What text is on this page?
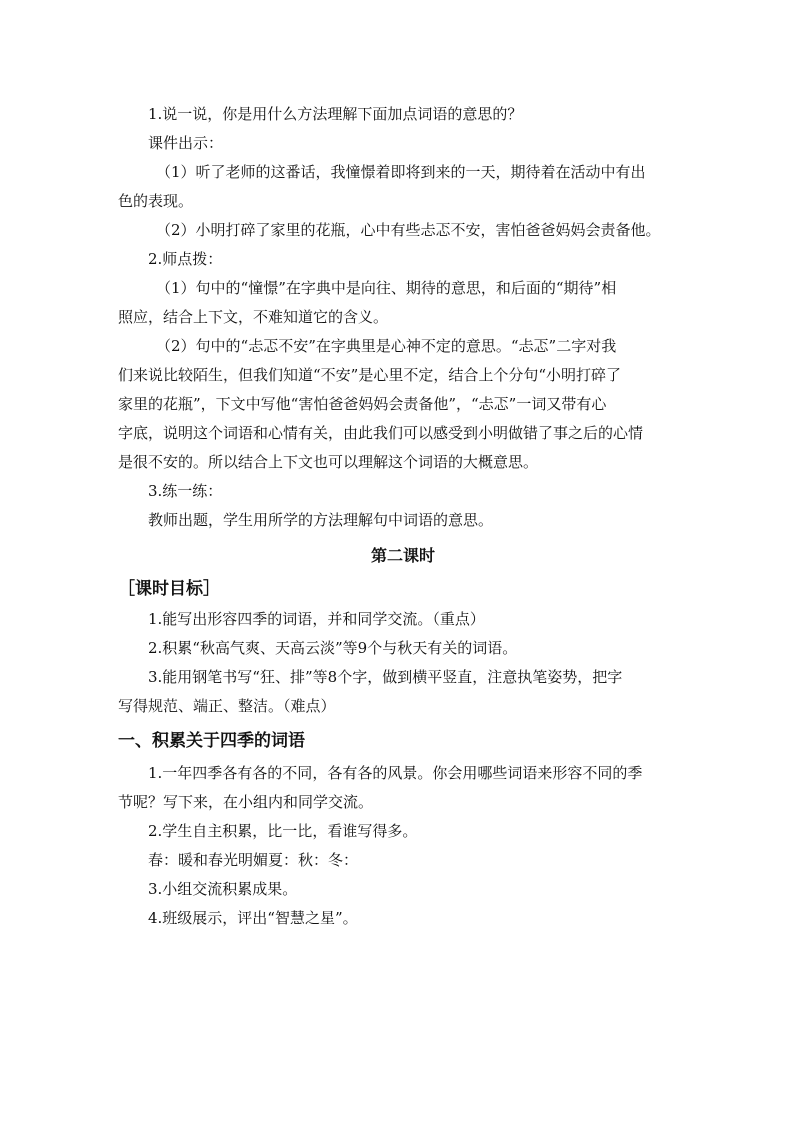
1.说一说，你是用什么方法理解下面加点词语的意思的？
课件出示：
（1）听了老师的这番话，我憧憬着即将到来的一天，期待着在活动中有出
色的表现。
（2）小明打碎了家里的花瓶，心中有些忐忑不安，害怕爸爸妈妈会责备他。
2.师点拨：
（1）句中的“憧憬”在字典中是向往、期待的意思，和后面的“期待”相
照应，结合上下文，不难知道它的含义。
（2）句中的“忐忑不安”在字典里是心神不定的意思。“忐忑”二字对我
们来说比较陌生，但我们知道“不安”是心里不定，结合上个分句“小明打碎了
家里的花瓶”，下文中写他“害怕爸爸妈妈会责备他”，“忐忑”一词又带有心
字底，说明这个词语和心情有关，由此我们可以感受到小明做错了事之后的心情
是很不安的。所以结合上下文也可以理解这个词语的大概意思。
3.练一练：
教师出题，学生用所学的方法理解句中词语的意思。
第二课时
［课时目标］
1.能写出形容四季的词语，并和同学交流。（重点）
2.积累“秋高气爽、天高云淡”等9个与秋天有关的词语。
3.能用钢笔书写“狂、排”等8个字，做到横平竖直，注意执笔姿势，把字
写得规范、端正、整洁。（难点）
一、积累关于四季的词语
1.一年四季各有各的不同，各有各的风景。你会用哪些词语来形容不同的季
节呢？写下来，在小组内和同学交流。
2.学生自主积累，比一比，看谁写得多。
春：暖和春光明媚夏：秋：冬：
3.小组交流积累成果。
4.班级展示，评出“智慧之星”。
